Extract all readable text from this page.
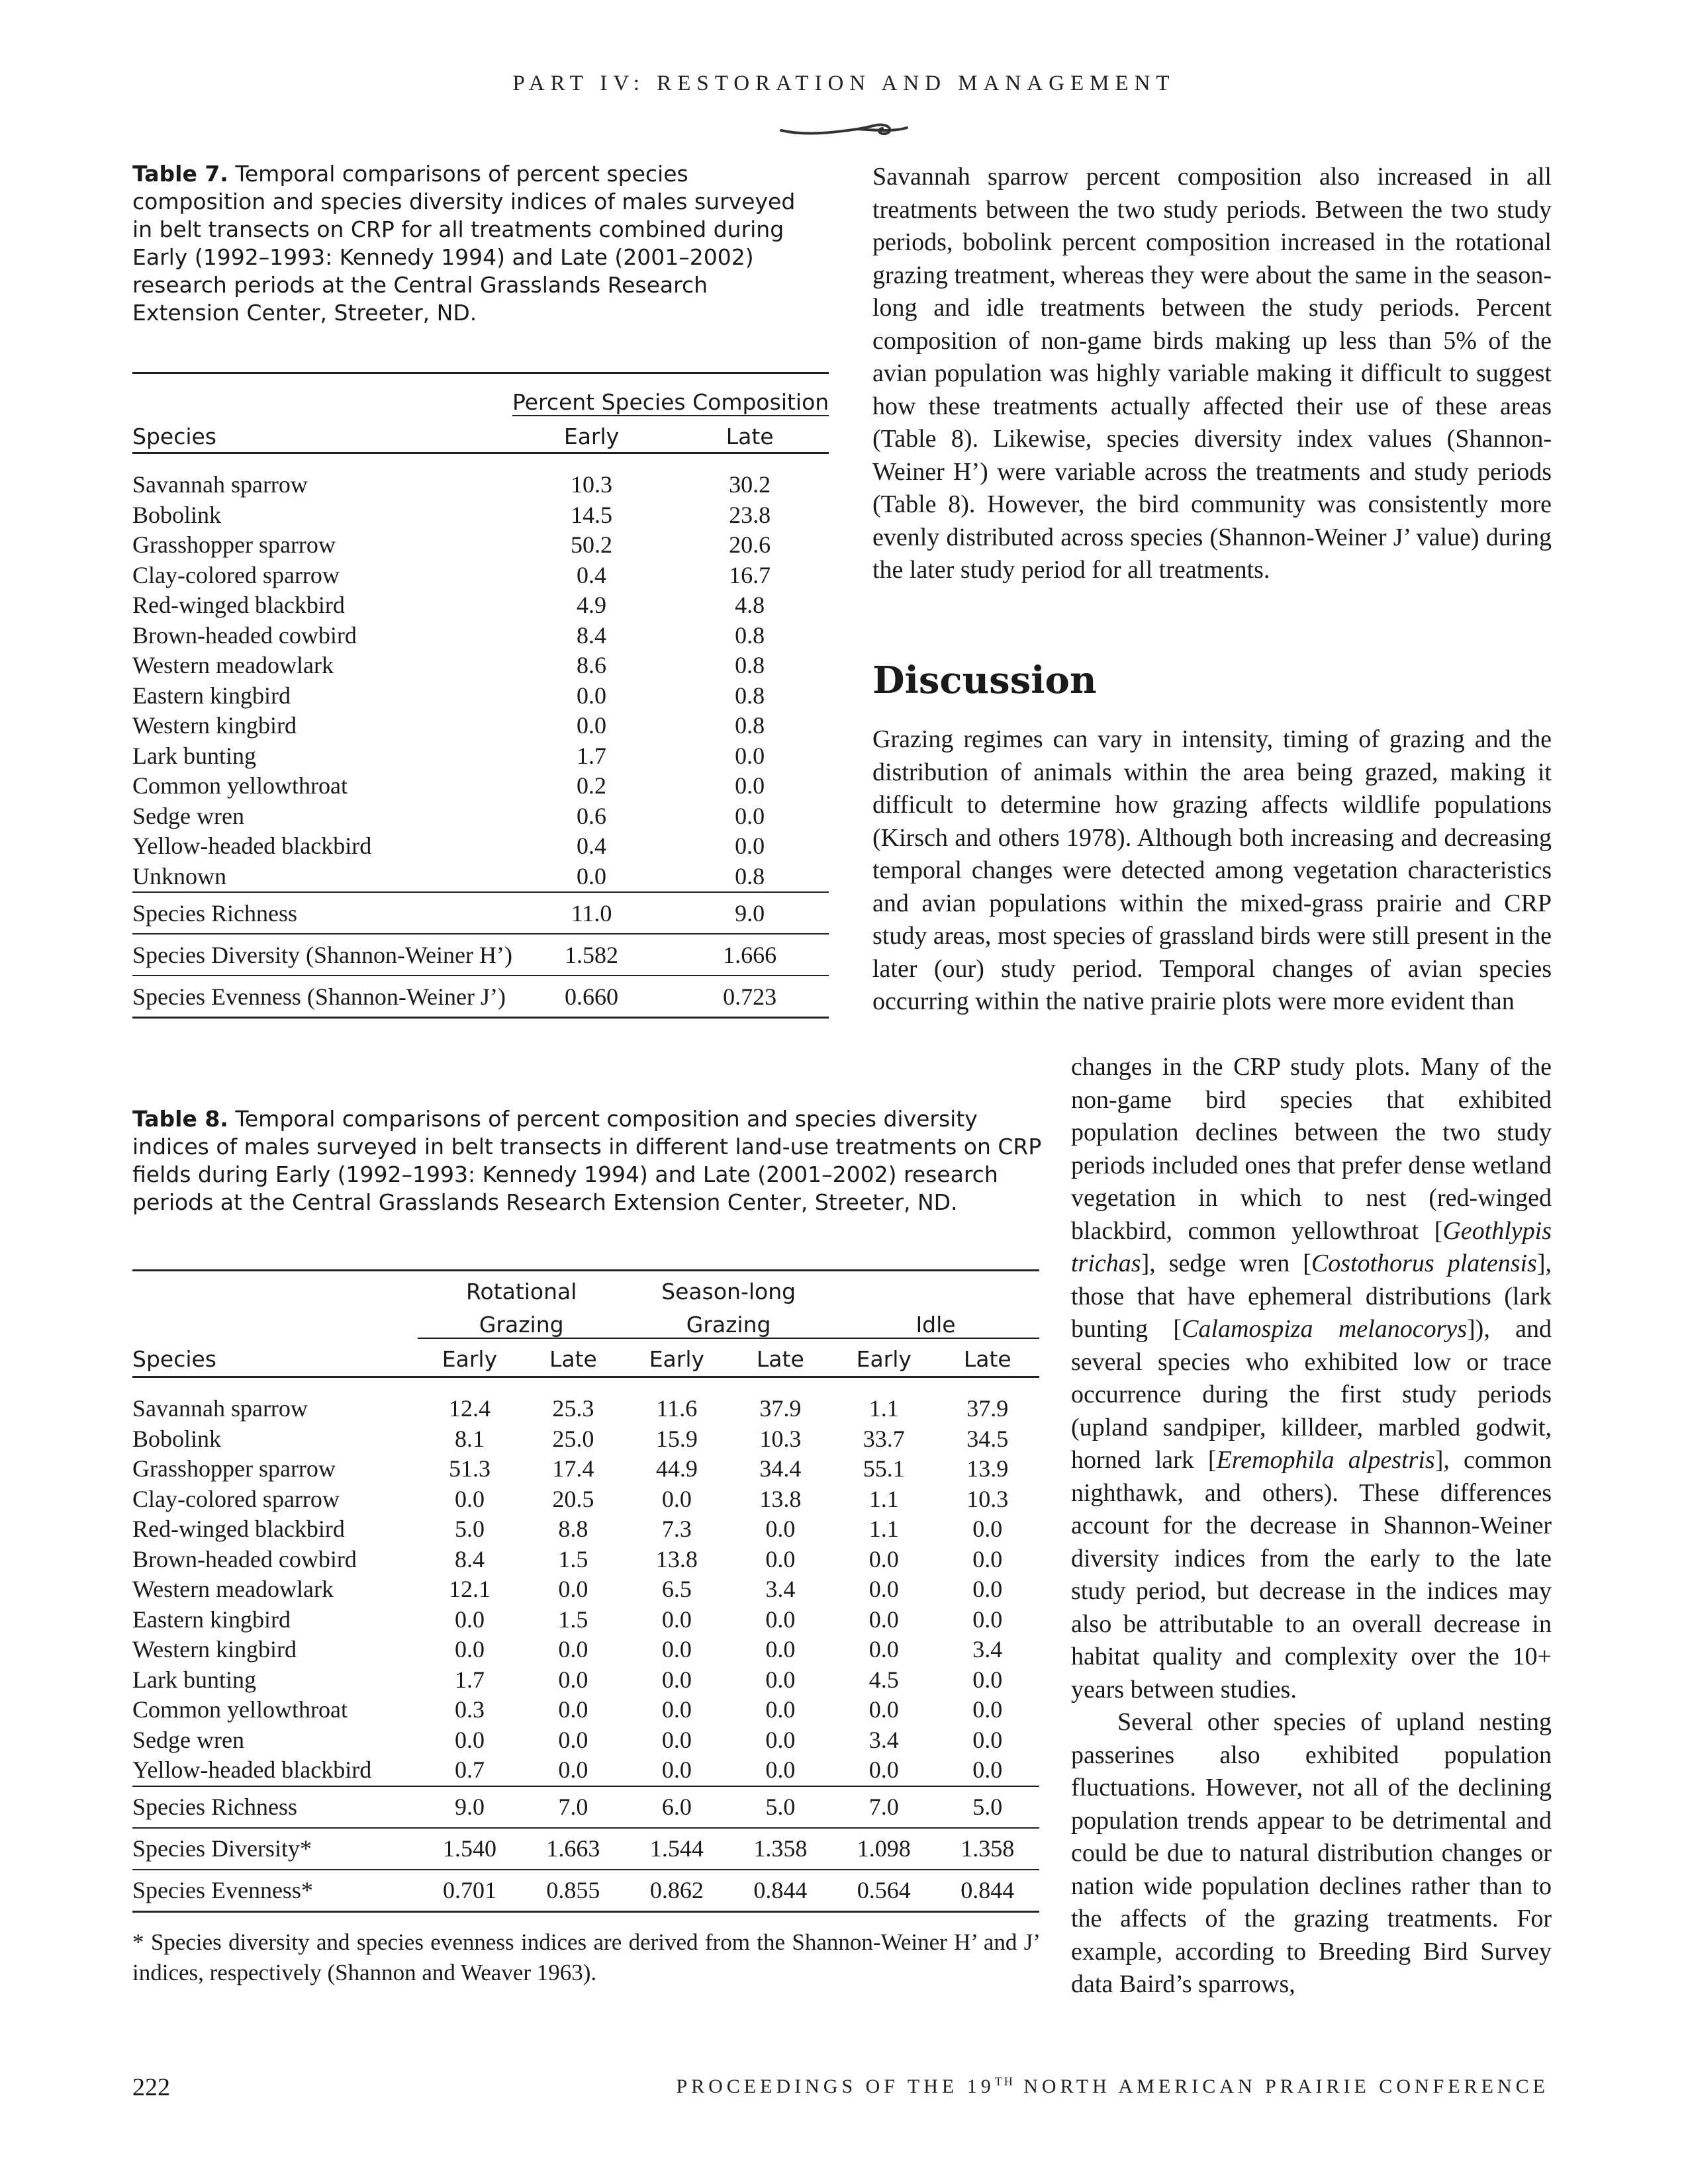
PART IV: RESTORATION AND MANAGEMENT
Table 7. Temporal comparisons of percent species composition and species diversity indices of males surveyed in belt transects on CRP for all treatments combined during Early (1992–1993: Kennedy 1994) and Late (2001–2002) research periods at the Central Grasslands Research Extension Center, Streeter, ND.
	Percent Species Composition	
Species	Early	Late
Savannah sparrow	10.3	30.2
Bobolink	14.5	23.8
Grasshopper sparrow	50.2	20.6
Clay-colored sparrow	0.4	16.7
Red-winged blackbird	4.9	4.8
Brown-headed cowbird	8.4	0.8
Western meadowlark	8.6	0.8
Eastern kingbird	0.0	0.8
Western kingbird	0.0	0.8
Lark bunting	1.7	0.0
Common yellowthroat	0.2	0.0
Sedge wren	0.6	0.0
Yellow-headed blackbird	0.4	0.0
Unknown	0.0	0.8
Species Richness	11.0	9.0
Species Diversity (Shannon-Weiner H’)	1.582	1.666
Species Evenness (Shannon-Weiner J’)	0.660	0.723
Table 8. Temporal comparisons of percent composition and species diversity indices of males surveyed in belt transects in different land-use treatments on CRP fields during Early (1992–1993: Kennedy 1994) and Late (2001–2002) research periods at the Central Grasslands Research Extension Center, Streeter, ND.
	Rotational		Season-long			
	Grazing		Grazing		Idle	
Species	Early	Late	Early	Late	Early	Late
Savannah sparrow	12.4	25.3	11.6	37.9	1.1	37.9
Bobolink	8.1	25.0	15.9	10.3	33.7	34.5
Grasshopper sparrow	51.3	17.4	44.9	34.4	55.1	13.9
Clay-colored sparrow	0.0	20.5	0.0	13.8	1.1	10.3
Red-winged blackbird	5.0	8.8	7.3	0.0	1.1	0.0
Brown-headed cowbird	8.4	1.5	13.8	0.0	0.0	0.0
Western meadowlark	12.1	0.0	6.5	3.4	0.0	0.0
Eastern kingbird	0.0	1.5	0.0	0.0	0.0	0.0
Western kingbird	0.0	0.0	0.0	0.0	0.0	3.4
Lark bunting	1.7	0.0	0.0	0.0	4.5	0.0
Common yellowthroat	0.3	0.0	0.0	0.0	0.0	0.0
Sedge wren	0.0	0.0	0.0	0.0	3.4	0.0
Yellow-headed blackbird	0.7	0.0	0.0	0.0	0.0	0.0
Species Richness	9.0	7.0	6.0	5.0	7.0	5.0
Species Diversity*	1.540	1.663	1.544	1.358	1.098	1.358
Species Evenness*	0.701	0.855	0.862	0.844	0.564	0.844
* Species diversity and species evenness indices are derived from the Shannon-Weiner H’ and J’ indices, respectively (Shannon and Weaver 1963).

Savannah sparrow percent composition also increased in all treatments between the two study periods. Between the two study periods, bobolink percent composition increased in the rotational grazing treatment, whereas they were about the same in the season-long and idle treatments between the study periods. Percent composition of non-game birds making up less than 5% of the avian population was highly variable making it difficult to suggest how these treatments actually affected their use of these areas (Table 8). Likewise, species diversity index values (Shannon-Weiner H’) were variable across the treatments and study periods (Table 8). However, the bird community was consistently more evenly distributed across species (Shannon-Weiner J’ value) during the later study period for all treatments.

Discussion

Grazing regimes can vary in intensity, timing of grazing and the distribution of animals within the area being grazed, making it difficult to determine how grazing affects wildlife populations (Kirsch and others 1978). Although both increasing and decreasing temporal changes were detected among vegetation characteristics and avian populations within the mixed-grass prairie and CRP study areas, most species of grassland birds were still present in the later (our) study period. Temporal changes of avian species occurring within the native prairie plots were more evident than

changes in the CRP study plots. Many of the non-game bird species that exhibited population declines between the two study periods included ones that prefer dense wetland vegetation in which to nest (red-winged blackbird, common yellowthroat [Geothlypis trichas], sedge wren [Costothorus platensis], those that have ephemeral distributions (lark bunting [Calamospiza melanocorys]), and several species who exhibited low or trace occurrence during the first study periods (upland sandpiper, killdeer, marbled godwit, horned lark [Eremophila alpestris], common nighthawk, and others). These differences account for the decrease in Shannon-Weiner diversity indices from the early to the late study period, but decrease in the indices may also be attributable to an overall decrease in habitat quality and complexity over the 10+ years between studies.

Several other species of upland nesting passerines also exhibited population fluctuations. However, not all of the declining population trends appear to be detrimental and could be due to natural distribution changes or nation wide population declines rather than to the affects of the grazing treatments. For example, according to Breeding Bird Survey data Baird’s sparrows,

222	PROCEEDINGS OF THE 19TH NORTH AMERICAN PRAIRIE CONFERENCE
